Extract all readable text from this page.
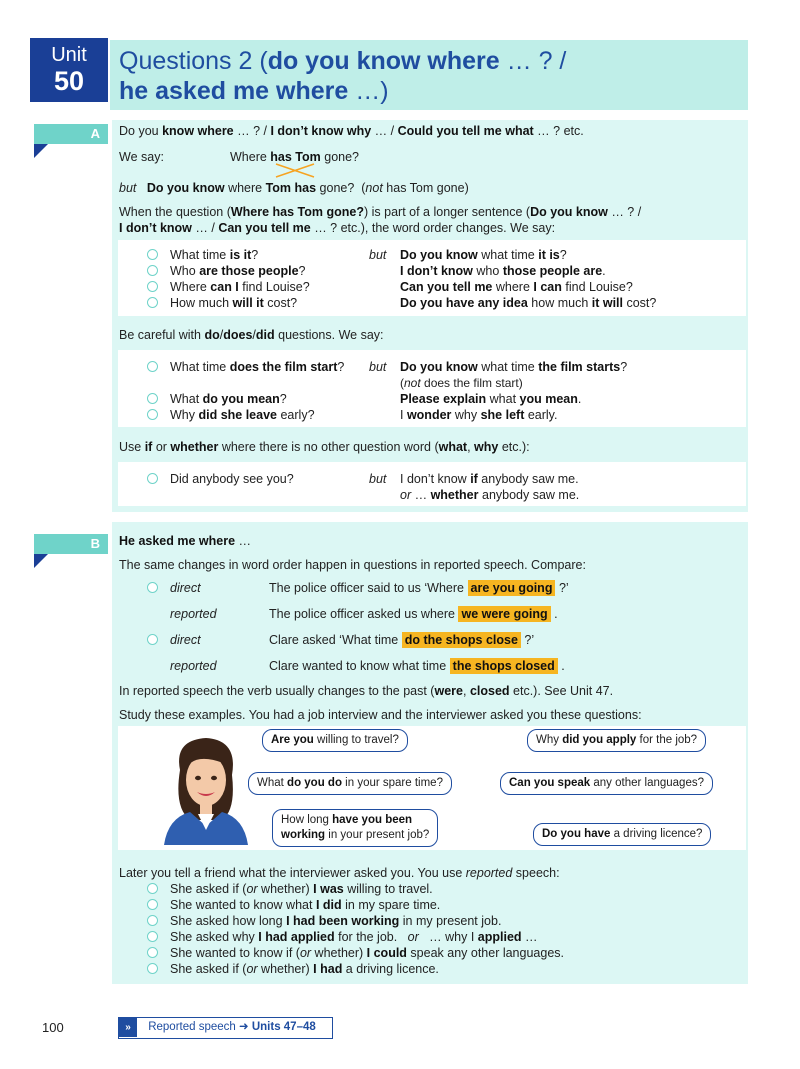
Unit
50
Questions 2 (do you know where … ? /
he asked me where …)
A	Do you know where … ? / I don’t know why … / Could you tell me what … ? etc.
We say:	Where has Tom gone?
but Do you know where Tom has gone?  (not has Tom gone)
When the question (Where has Tom gone?) is part of a longer sentence (Do you know … ? /
I don’t know … / Can you tell me … ? etc.), the word order changes. We say:
What time is it?	but Do you know what time it is?
Who are those people?	I don’t know who those people are.
Where can I find Louise?	Can you tell me where I can find Louise?
How much will it cost?	Do you have any idea how much it will cost?
Be careful with do/does/did questions. We say:
What time does the film start? but Do you know what time the film starts?
(not does the film start)
What do you mean?	Please explain what you mean.
Why did she leave early?	I wonder why she left early.
Use if or whether where there is no other question word (what, why etc.):
Did anybody see you?	but I don’t know if anybody saw me.
or … whether anybody saw me.
B	He asked me where …
The same changes in word order happen in questions in reported speech. Compare:
direct	The police officer said to us ‘Where are you going ?’
reported	The police officer asked us where we were going .
direct	Clare asked ‘What time do the shops close ?’
reported	Clare wanted to know what time the shops closed .
In reported speech the verb usually changes to the past (were, closed etc.). See Unit 47.
Study these examples. You had a job interview and the interviewer asked you these questions:
Are you willing to travel?
What do you do in your spare time?
How long have you been
working in your present job?
Why did you apply for the job?
Can you speak any other languages?
Do you have a driving licence?
Later you tell a friend what the interviewer asked you. You use reported speech:
She asked if (or whether) I was willing to travel.
She wanted to know what I did in my spare time.
She asked how long I had been working in my present job.
She asked why I had applied for the job.   or   … why I applied …
She wanted to know if (or whether) I could speak any other languages.
She asked if (or whether) I had a driving licence.
100	» Reported speech ➜ Units 47–48
